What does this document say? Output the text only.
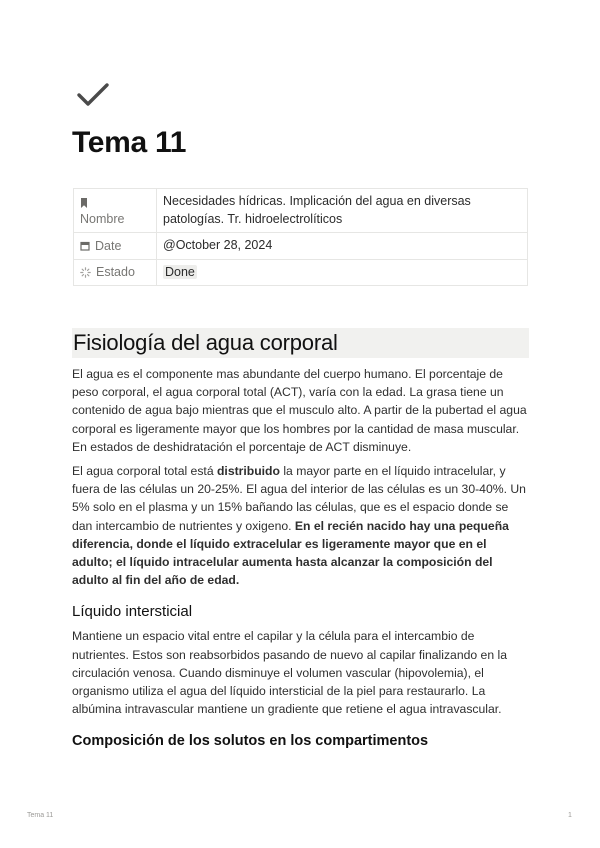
Tema 11
Nombre	Necesidades hídricas. Implicación del agua en diversas patologías. Tr. hidroelectrolíticos

Date	@October 28, 2024

Estado	Done
Fisiología del agua corporal

El agua es el componente mas abundante del cuerpo humano. El porcentaje de peso corporal, el agua corporal total (ACT), varía con la edad. La grasa tiene un contenido de agua bajo mientras que el musculo alto. A partir de la pubertad el agua corporal es ligeramente mayor que los hombres por la cantidad de masa muscular. En estados de deshidratación el porcentaje de ACT disminuye.

El agua corporal total está distribuido la mayor parte en el líquido intracelular, y fuera de las células un 20-25%. El agua del interior de las células es un 30-40%. Un 5% solo en el plasma y un 15% bañando las células, que es el espacio donde se dan intercambio de nutrientes y oxigeno. En el recién nacido hay una pequeña diferencia, donde el líquido extracelular es ligeramente mayor que en el adulto; el líquido intracelular aumenta hasta alcanzar la composición del adulto al fin del año de edad.

Líquido intersticial

Mantiene un espacio vital entre el capilar y la célula para el intercambio de nutrientes. Estos son reabsorbidos pasando de nuevo al capilar finalizando en la circulación venosa. Cuando disminuye el volumen vascular (hipovolemia), el organismo utiliza el agua del líquido intersticial de la piel para restaurarlo. La albúmina intravascular mantiene un gradiente que retiene el agua intravascular.

Composición de los solutos en los compartimentos
Tema 11	1
